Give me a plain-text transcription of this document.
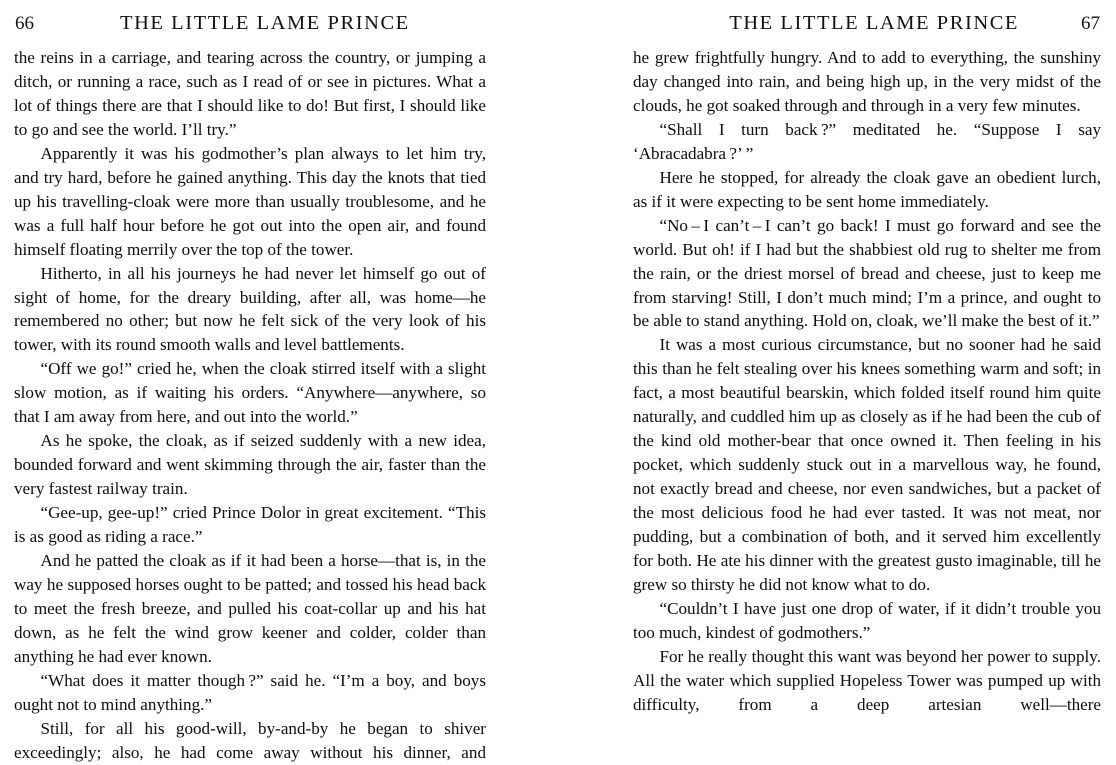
66	THE LITTLE LAME PRINCE

the reins in a carriage, and tearing across the country, or jumping a ditch, or running a race, such as I read of or see in pictures. What a lot of things there are that I should like to do! But first, I should like to go and see the world. I’ll try.”

Apparently it was his godmother’s plan always to let him try, and try hard, before he gained anything. This day the knots that tied up his travelling-cloak were more than usually troublesome, and he was a full half hour before he got out into the open air, and found himself floating merrily over the top of the tower.

Hitherto, in all his journeys he had never let himself go out of sight of home, for the dreary building, after all, was home—he remembered no other; but now he felt sick of the very look of his tower, with its round smooth walls and level battlements.

“Off we go!” cried he, when the cloak stirred itself with a slight slow motion, as if waiting his orders. “Anywhere—anywhere, so that I am away from here, and out into the world.”

As he spoke, the cloak, as if seized suddenly with a new idea, bounded forward and went skimming through the air, faster than the very fastest railway train.

“Gee-up, gee-up!” cried Prince Dolor in great excitement. “This is as good as riding a race.”

And he patted the cloak as if it had been a horse—that is, in the way he supposed horses ought to be patted; and tossed his head back to meet the fresh breeze, and pulled his coat-collar up and his hat down, as he felt the wind grow keener and colder, colder than anything he had ever known.

“What does it matter though ?” said he. “I’m a boy, and boys ought not to mind anything.”

Still, for all his good-will, by-and-by he began to shiver exceedingly; also, he had come away without his dinner, and

THE LITTLE LAME PRINCE	67

he grew frightfully hungry. And to add to everything, the sunshiny day changed into rain, and being high up, in the very midst of the clouds, he got soaked through and through in a very few minutes.

“Shall I turn back ?” meditated he. “Suppose I say ‘Abracadabra ?’ ”

Here he stopped, for already the cloak gave an obedient lurch, as if it were expecting to be sent home immediately.

“No – I can’t – I can’t go back! I must go forward and see the world. But oh! if I had but the shabbiest old rug to shelter me from the rain, or the driest morsel of bread and cheese, just to keep me from starving! Still, I don’t much mind; I’m a prince, and ought to be able to stand anything. Hold on, cloak, we’ll make the best of it.”

It was a most curious circumstance, but no sooner had he said this than he felt stealing over his knees something warm and soft; in fact, a most beautiful bearskin, which folded itself round him quite naturally, and cuddled him up as closely as if he had been the cub of the kind old mother-bear that once owned it. Then feeling in his pocket, which suddenly stuck out in a marvellous way, he found, not exactly bread and cheese, nor even sandwiches, but a packet of the most delicious food he had ever tasted. It was not meat, nor pudding, but a combination of both, and it served him excellently for both. He ate his dinner with the greatest gusto imaginable, till he grew so thirsty he did not know what to do.

“Couldn’t I have just one drop of water, if it didn’t trouble you too much, kindest of godmothers.”

For he really thought this want was beyond her power to supply. All the water which supplied Hopeless Tower was pumped up with difficulty, from a deep artesian well—there
